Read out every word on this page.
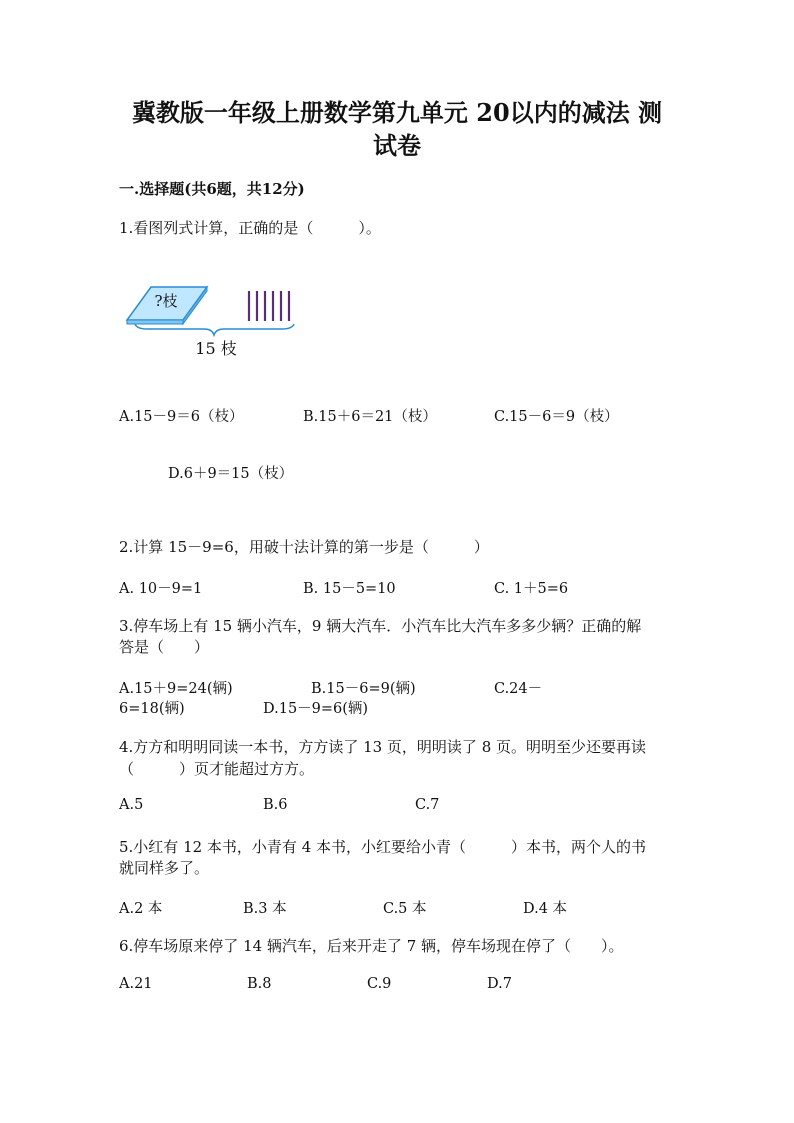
冀教版一年级上册数学第九单元 20以内的减法 测
试卷
一.选择题(共6题，共12分)
1.看图列式计算，正确的是（　　　）。
?枝
15 枝
A.15－9＝6（枝）	B.15＋6＝21（枝）	C.15－6＝9（枝）
D.6＋9＝15（枝）
2.计算 15－9=6，用破十法计算的第一步是（　　　）
A. 10－9=1	B. 15－5=10	C. 1＋5=6
3.停车场上有 15 辆小汽车，9 辆大汽车．小汽车比大汽车多多少辆？正确的解
答是（　　）
A.15＋9=24(辆)	B.15－6=9(辆)	C.24－
6=18(辆)	D.15－9=6(辆)
4.方方和明明同读一本书，方方读了 13 页，明明读了 8 页。明明至少还要再读
（　　　）页才能超过方方。
A.5	B.6	C.7
5.小红有 12 本书，小青有 4 本书，小红要给小青（　　　）本书，两个人的书
就同样多了。
A.2 本	B.3 本	C.5 本	D.4 本
6.停车场原来停了 14 辆汽车，后来开走了 7 辆，停车场现在停了（　　）。
A.21	B.8	C.9	D.7
